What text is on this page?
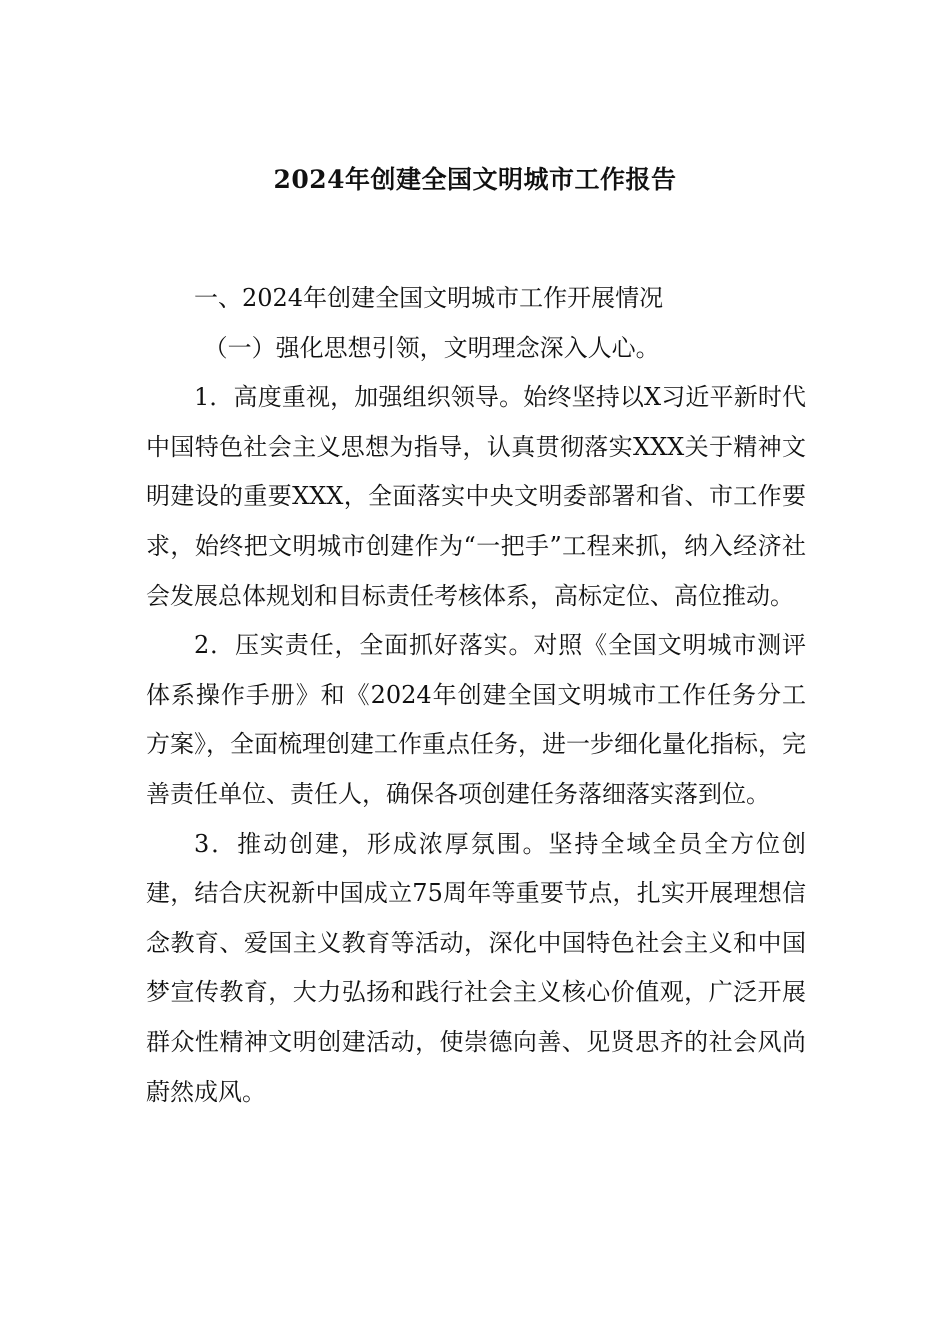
2024年创建全国文明城市工作报告

一、2024年创建全国文明城市工作开展情况

（一）强化思想引领，文明理念深入人心。

1．高度重视，加强组织领导。始终坚持以X习近平新时代中国特色社会主义思想为指导，认真贯彻落实XXX关于精神文明建设的重要XXX，全面落实中央文明委部署和省、市工作要求，始终把文明城市创建作为“一把手”工程来抓，纳入经济社会发展总体规划和目标责任考核体系，高标定位、高位推动。

2．压实责任，全面抓好落实。对照《全国文明城市测评体系操作手册》和《2024年创建全国文明城市工作任务分工方案》，全面梳理创建工作重点任务，进一步细化量化指标，完善责任单位、责任人，确保各项创建任务落细落实落到位。

3．推动创建，形成浓厚氛围。坚持全域全员全方位创建，结合庆祝新中国成立75周年等重要节点，扎实开展理想信念教育、爱国主义教育等活动，深化中国特色社会主义和中国梦宣传教育，大力弘扬和践行社会主义核心价值观，广泛开展群众性精神文明创建活动，使崇德向善、见贤思齐的社会风尚蔚然成风。
